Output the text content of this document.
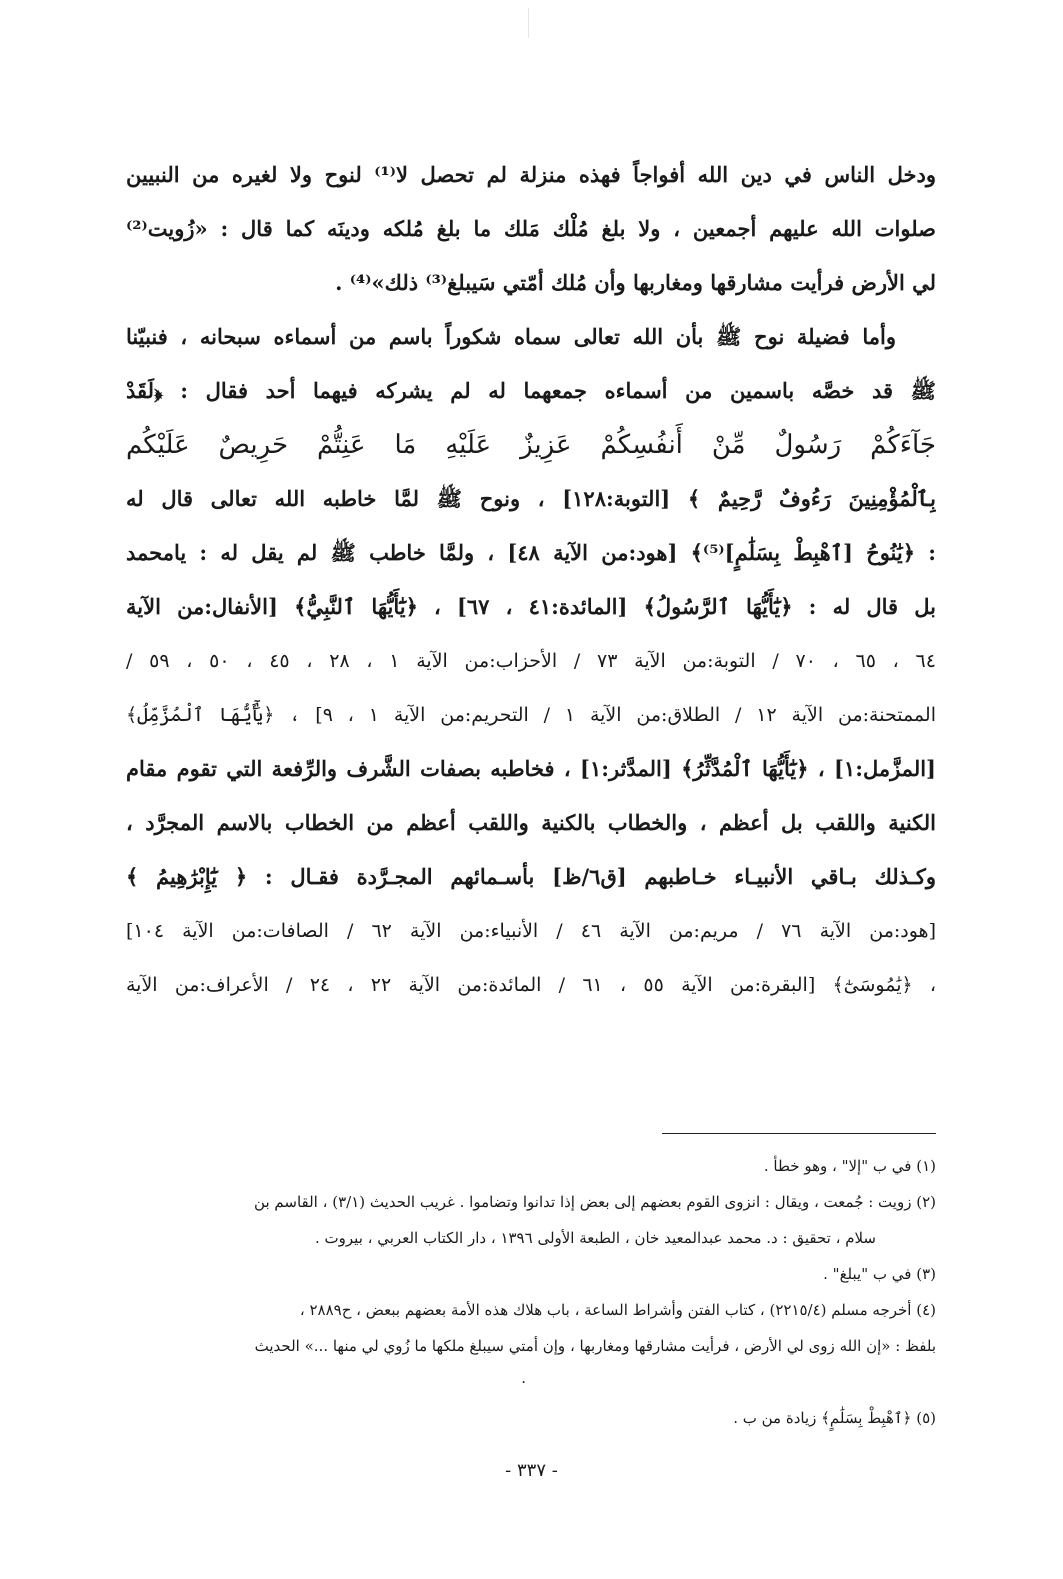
ودخل الناس في دين الله أفواجاً فهذه منزلة لم تحصل لا⁽¹⁾ لنوح ولا لغيره من النبيين
صلوات الله عليهم أجمعين ، ولا بلغ مُلْك مَلك ما بلغ مُلكه ودينَه كما قال : «زُويت⁽²⁾
لي الأرض فرأيت مشارقها ومغاربها وأن مُلك أمّتي سَيبلغ⁽³⁾ ذلك»⁽⁴⁾ .
وأما فضيلة نوح ﷺ بأن الله تعالى سماه شكوراً باسم من أسماءه سبحانه ، فنبيّنا
ﷺ قد خصَّه باسمين من أسماءه جمعهما له لم يشركه فيهما أحد فقال : ﴿لَقَدْ
جَآءَكُمْ رَسُولٌ مِّنْ أَنفُسِكُمْ عَزِيزٌ عَلَيْهِ مَا عَنِتُّمْ حَرِيصٌ عَلَيْكُم
بِٱلْمُؤْمِنِينَ رَءُوفٌ رَّحِيمٌ ﴾ [التوبة:١٢٨] ، ونوح ﷺ لمَّا خاطبه الله تعالى قال له
: ﴿يَٰنُوحُ [ٱهْبِطْ بِسَلَٰمٍ]⁽⁵⁾﴾ [هود:من الآية ٤٨] ، ولمَّا خاطب ﷺ لم يقل له : يامحمد
بل قال له : ﴿يَٰٓأَيُّهَا ٱلرَّسُولُ﴾ [المائدة:٤١ ، ٦٧] ، ﴿يَٰٓأَيُّهَا ٱلنَّبِيُّ﴾ [الأنفال:من الآية
٦٤ ، ٦٥ ، ٧٠ / التوبة:من الآية ٧٣ / الأحزاب:من الآية ١ ، ٢٨ ، ٤٥ ، ٥٠ ، ٥٩ /
الممتحنة:من الآية ١٢ / الطلاق:من الآية ١ / التحريم:من الآية ١ ، ٩] ، ﴿يَٰٓأَيُّهَا ٱلْمُزَّمِّلُ﴾
[المزَّمل:١] ، ﴿يَٰٓأَيُّهَا ٱلْمُدَّثِّرُ﴾ [المدَّثر:١] ، فخاطبه بصفات الشَّرف والرِّفعة التي تقوم مقام
الكنية واللقب بل أعظم ، والخطاب بالكنية واللقب أعظم من الخطاب بالاسم المجرَّد ،
وكـذلك بـاقي الأنبيـاء خـاطبهم [ق٦/ظ] بأسـمائهم المجـرَّدة فقـال : ﴿ يَٰٓإِبْرَٰهِيمُ ﴾
[هود:من الآية ٧٦ / مريم:من الآية ٤٦ / الأنبياء:من الآية ٦٢ / الصافات:من الآية ١٠٤]
، ﴿يَٰمُوسَىٰٓ﴾ [البقرة:من الآية ٥٥ ، ٦١ / المائدة:من الآية ٢٢ ، ٢٤ / الأعراف:من الآية
(١) في ب "إلا" ، وهو خطأ .
(٢) زويت : جُمعت ، ويقال : انزوى القوم بعضهم إلى بعض إذا تدانوا وتضاموا . غريب الحديث (٣/١) ، القاسم بن
سلام ، تحقيق : د. محمد عبدالمعيد خان ، الطبعة الأولى ١٣٩٦ ، دار الكتاب العربي ، بيروت .
(٣) في ب "يبلغ" .
(٤) أخرجه مسلم (٢٢١٥/٤) ، كتاب الفتن وأشراط الساعة ، باب هلاك هذه الأمة بعضهم ببعض ، ح٢٨٨٩ ،
بلفظ : «إن الله زوى لي الأرض ، فرأيت مشارقها ومغاربها ، وإن أمتي سيبلغ ملكها ما زُوي لي منها ...» الحديث
.
(٥) ﴿ٱهْبِطْ بِسَلَٰمٍ﴾ زيادة من ب .
- ٣٣٧ -
